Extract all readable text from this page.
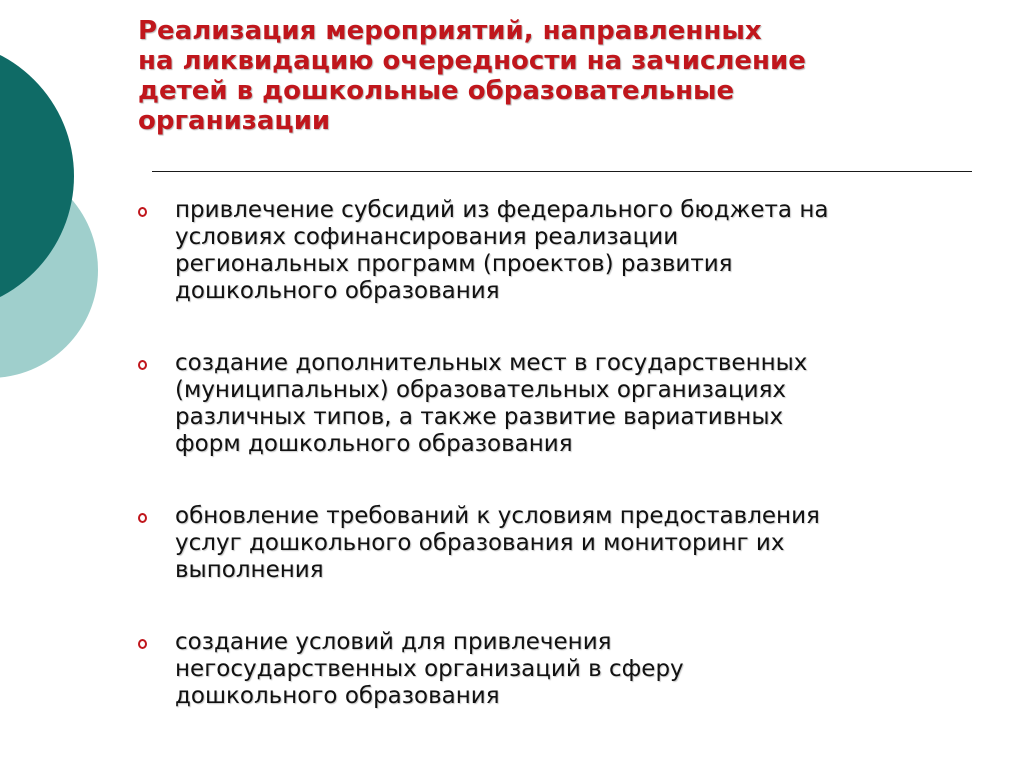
Реализация мероприятий, направленных
на ликвидацию очередности на зачисление
детей в дошкольные образовательные
организации
привлечение субсидий из федерального бюджета на
условиях софинансирования реализации
региональных программ (проектов) развития
дошкольного образования
создание дополнительных мест в государственных
(муниципальных) образовательных организациях
различных типов, а также развитие вариативных
форм дошкольного образования
обновление требований к условиям предоставления
услуг дошкольного образования и мониторинг их
выполнения
создание условий для привлечения
негосударственных организаций в сферу
дошкольного образования
